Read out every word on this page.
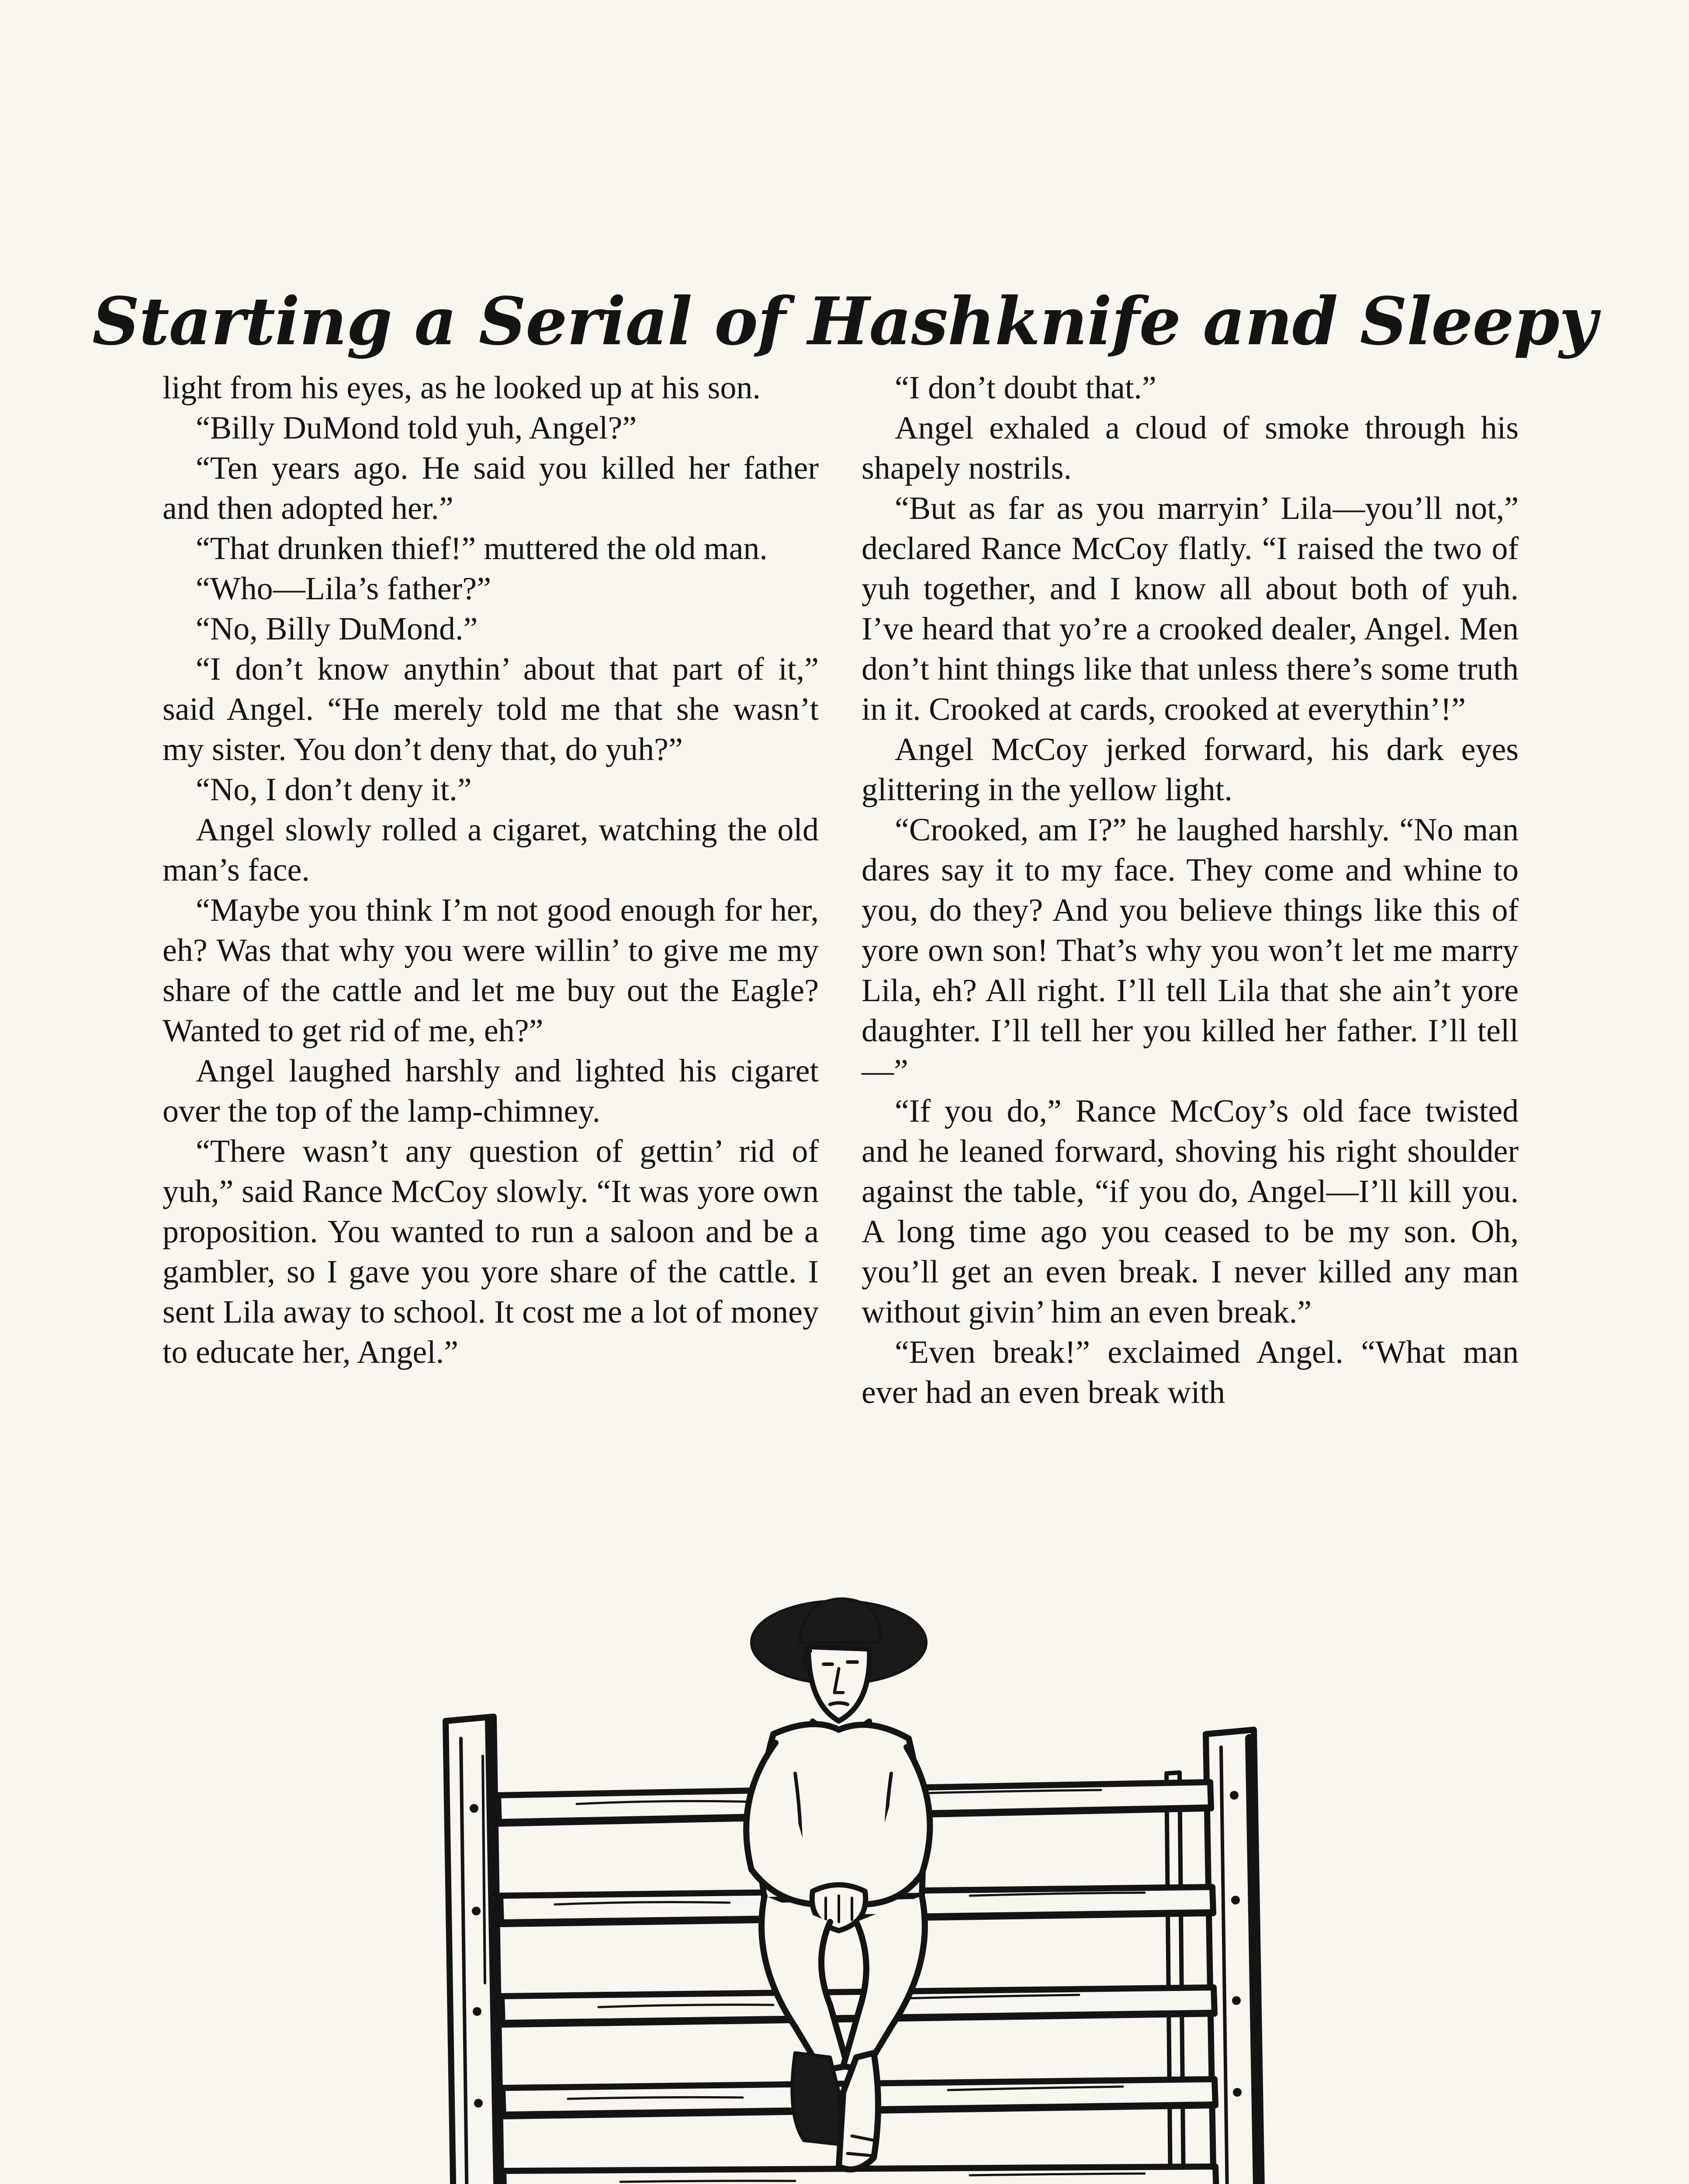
Starting a Serial of Hashknife and Sleepy

light from his eyes, as he looked up at his son.

“Billy DuMond told yuh, Angel?”

“Ten years ago. He said you killed her father and then adopted her.”

“That drunken thief!” muttered the old man.

“Who—Lila’s father?”

“No, Billy DuMond.”

“I don’t know anythin’ about that part of it,” said Angel. “He merely told me that she wasn’t my sister. You don’t deny that, do yuh?”

“No, I don’t deny it.”

Angel slowly rolled a cigaret, watching the old man’s face.

“Maybe you think I’m not good enough for her, eh? Was that why you were willin’ to give me my share of the cattle and let me buy out the Eagle? Wanted to get rid of me, eh?”

Angel laughed harshly and lighted his cigaret over the top of the lamp-chimney.

“There wasn’t any question of gettin’ rid of yuh,” said Rance McCoy slowly. “It was yore own proposition. You wanted to run a saloon and be a gambler, so I gave you yore share of the cattle. I sent Lila away to school. It cost me a lot of money to educate her, Angel.”

“I don’t doubt that.”

Angel exhaled a cloud of smoke through his shapely nostrils.

“But as far as you marryin’ Lila—you’ll not,” declared Rance McCoy flatly. “I raised the two of yuh together, and I know all about both of yuh. I’ve heard that yo’re a crooked dealer, Angel. Men don’t hint things like that unless there’s some truth in it. Crooked at cards, crooked at everythin’!”

Angel McCoy jerked forward, his dark eyes glittering in the yellow light.

“Crooked, am I?” he laughed harshly. “No man dares say it to my face. They come and whine to you, do they? And you believe things like this of yore own son! That’s why you won’t let me marry Lila, eh? All right. I’ll tell Lila that she ain’t yore daughter. I’ll tell her you killed her father. I’ll tell—”

“If you do,” Rance McCoy’s old face twisted and he leaned forward, shoving his right shoulder against the table, “if you do, Angel—I’ll kill you. A long time ago you ceased to be my son. Oh, you’ll get an even break. I never killed any man without givin’ him an even break.”

“Even break!” exclaimed Angel. “What man ever had an even break with
